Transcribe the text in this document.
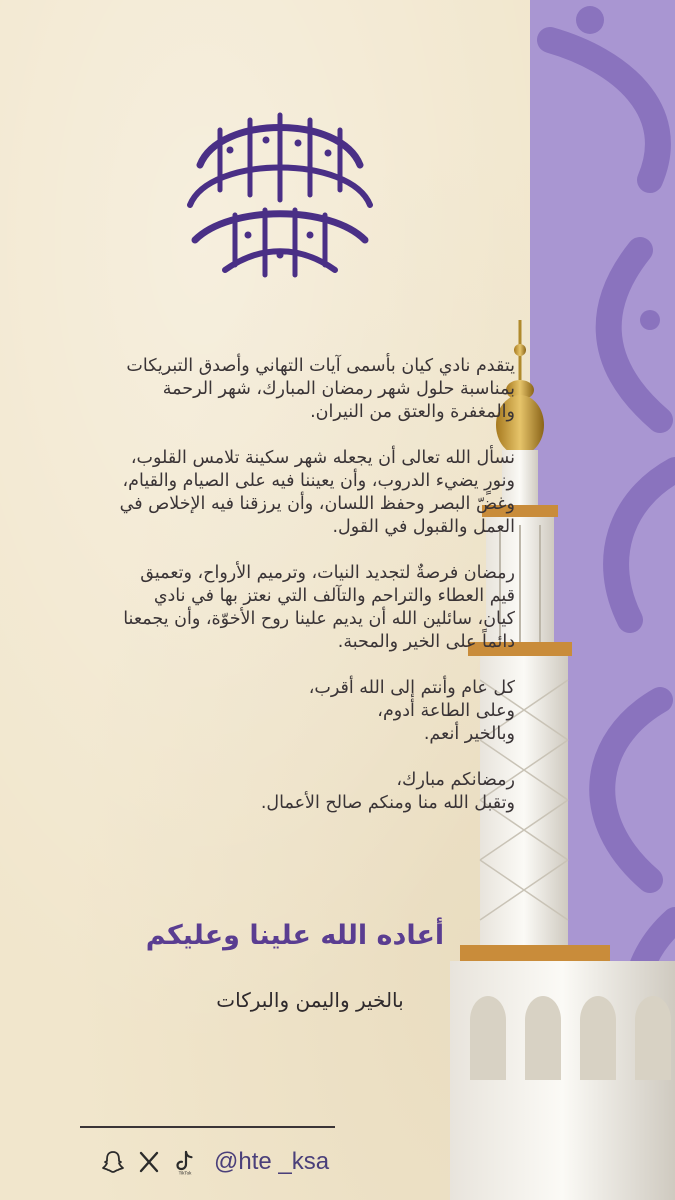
يتقدم نادي كيان بأسمى آيات التهاني وأصدق التبريكات
بمناسبة حلول شهر رمضان المبارك، شهر الرحمة
والمغفرة والعتق من النيران.

نسأل الله تعالى أن يجعله شهر سكينة تلامس القلوب،
ونورٍ يضيء الدروب، وأن يعيننا فيه على الصيام والقيام،
وغضّ البصر وحفظ اللسان، وأن يرزقنا فيه الإخلاص في
العمل والقبول في القول.

رمضان فرصةٌ لتجديد النيات، وترميم الأرواح، وتعميق
قيم العطاء والتراحم والتآلف التي نعتز بها في نادي
كيان، سائلين الله أن يديم علينا روح الأخوّة، وأن يجمعنا
دائماً على الخير والمحبة.

كل عام وأنتم إلى الله أقرب،
وعلى الطاعة أدوم،
وبالخير أنعم.

رمضانكم مبارك،
وتقبل الله منا ومنكم صالح الأعمال.

أعاده الله علينا وعليكم
بالخير واليمن والبركات
TikTok @hte _ksa
